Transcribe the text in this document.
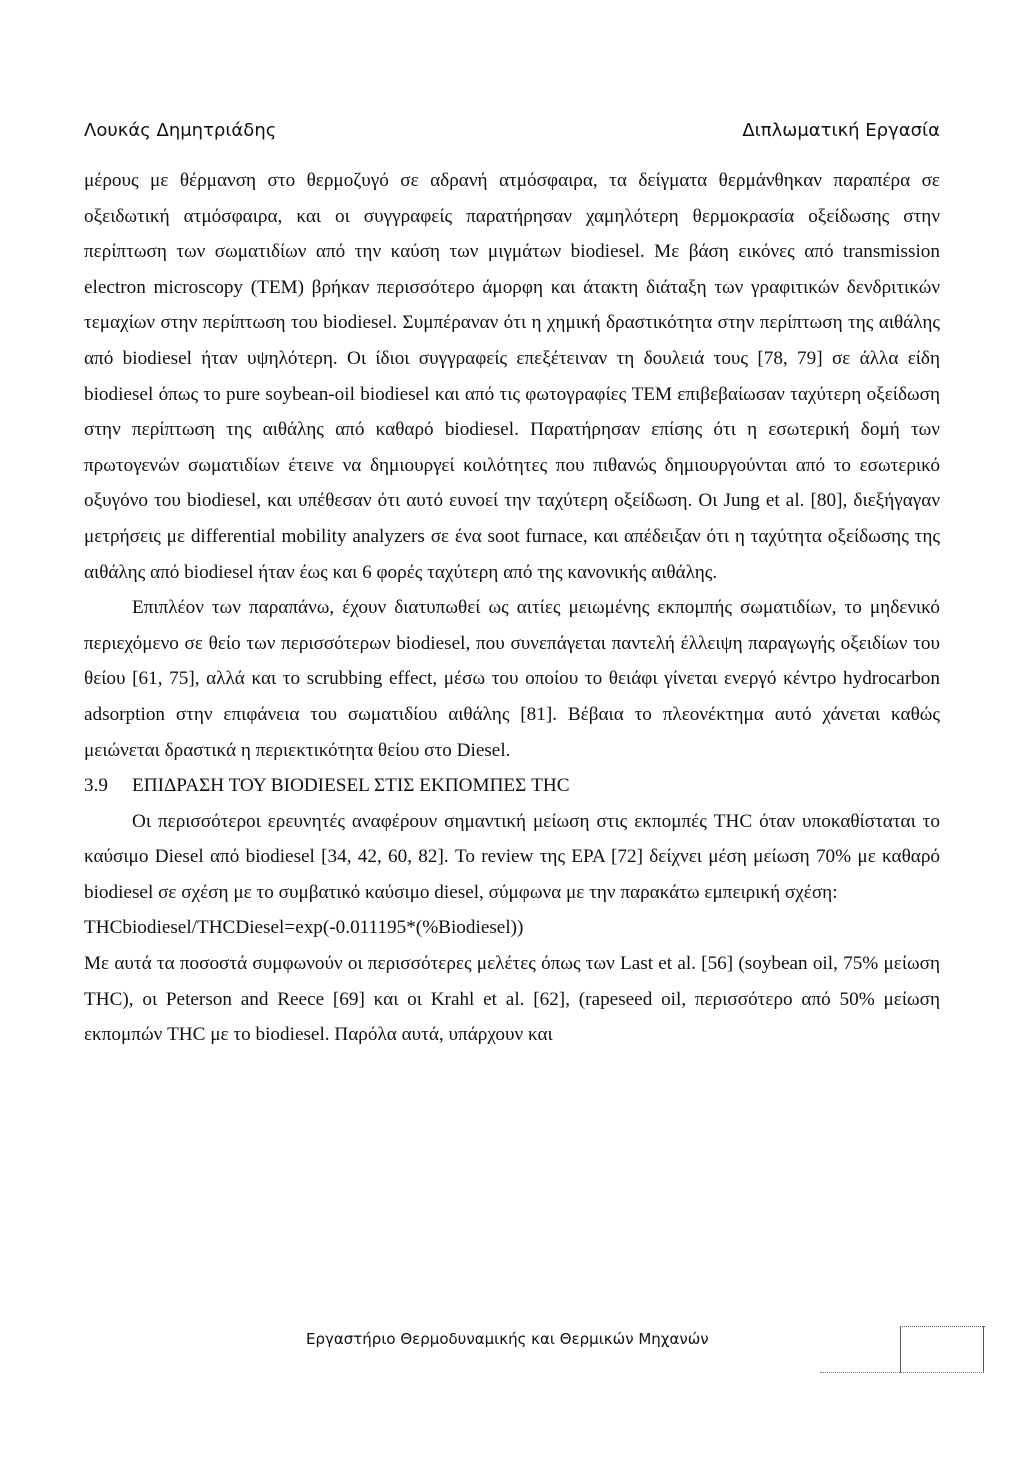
Λουκάς Δημητριάδης	Διπλωματική Εργασία

μέρους με θέρμανση στο θερμοζυγό σε αδρανή ατμόσφαιρα, τα δείγματα θερμάνθηκαν παραπέρα σε οξειδωτική ατμόσφαιρα, και οι συγγραφείς παρατήρησαν χαμηλότερη θερμοκρασία οξείδωσης στην περίπτωση των σωματιδίων από την καύση των μιγμάτων biodiesel. Με βάση εικόνες από transmission electron microscopy (TEM) βρήκαν περισσότερο άμορφη και άτακτη διάταξη των γραφιτικών δενδριτικών τεμαχίων στην περίπτωση του biodiesel. Συμπέραναν ότι η χημική δραστικότητα στην περίπτωση της αιθάλης από biodiesel ήταν υψηλότερη. Οι ίδιοι συγγραφείς επεξέτειναν τη δουλειά τους [78, 79] σε άλλα είδη biodiesel όπως το pure soybean-oil biodiesel και από τις φωτογραφίες TEM επιβεβαίωσαν ταχύτερη οξείδωση στην περίπτωση της αιθάλης από καθαρό biodiesel. Παρατήρησαν επίσης ότι η εσωτερική δομή των πρωτογενών σωματιδίων έτεινε να δημιουργεί κοιλότητες που πιθανώς δημιουργούνται από το εσωτερικό οξυγόνο του biodiesel, και υπέθεσαν ότι αυτό ευνοεί την ταχύτερη οξείδωση. Οι Jung et al. [80], διεξήγαγαν μετρήσεις με differential mobility analyzers σε ένα soot furnace, και απέδειξαν ότι η ταχύτητα οξείδωσης της αιθάλης από biodiesel ήταν έως και 6 φορές ταχύτερη από της κανονικής αιθάλης.

Επιπλέον των παραπάνω, έχουν διατυπωθεί ως αιτίες μειωμένης εκπομπής σωματιδίων, το μηδενικό περιεχόμενο σε θείο των περισσότερων biodiesel, που συνεπάγεται παντελή έλλειψη παραγωγής οξειδίων του θείου [61, 75], αλλά και το scrubbing effect, μέσω του οποίου το θειάφι γίνεται ενεργό κέντρο hydrocarbon adsorption στην επιφάνεια του σωματιδίου αιθάλης [81]. Βέβαια το πλεονέκτημα αυτό χάνεται καθώς μειώνεται δραστικά η περιεκτικότητα θείου στο Diesel.

3.9 ΕΠΙΔΡΑΣΗ ΤΟΥ BIODIESEL ΣΤΙΣ ΕΚΠΟΜΠΕΣ THC

Οι περισσότεροι ερευνητές αναφέρουν σημαντική μείωση στις εκπομπές THC όταν υποκαθίσταται το καύσιμο Diesel από biodiesel [34, 42, 60, 82]. Το review της EPA [72] δείχνει μέση μείωση 70% με καθαρό biodiesel σε σχέση με το συμβατικό καύσιμο diesel, σύμφωνα με την παρακάτω εμπειρική σχέση:

THCbiodiesel/THCDiesel=exp(-0.011195*(%Biodiesel))

Με αυτά τα ποσοστά συμφωνούν οι περισσότερες μελέτες όπως των Last et al. [56] (soybean oil, 75% μείωση THC), οι Peterson and Reece [69] και οι Krahl et al. [62], (rapeseed oil, περισσότερο από 50% μείωση εκπομπών THC με το biodiesel. Παρόλα αυτά, υπάρχουν και

Εργαστήριο Θερμοδυναμικής και Θερμικών Μηχανών
